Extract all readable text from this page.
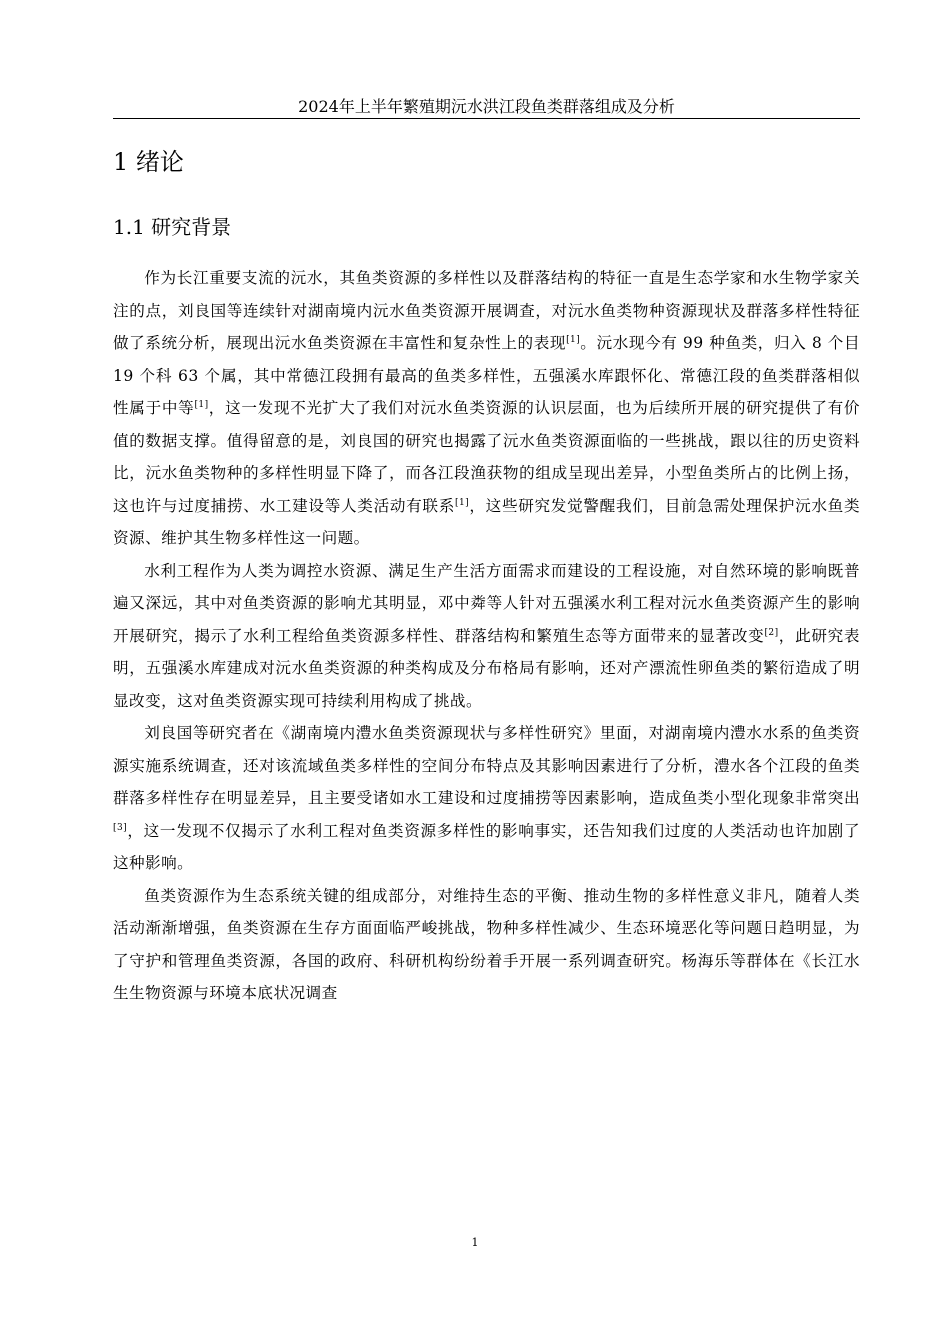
2024年上半年繁殖期沅水洪江段鱼类群落组成及分析
1 绪论
1.1 研究背景

作为长江重要支流的沅水，其鱼类资源的多样性以及群落结构的特征一直是生态学家和水生物学家关注的点，刘良国等连续针对湖南境内沅水鱼类资源开展调查，对沅水鱼类物种资源现状及群落多样性特征做了系统分析，展现出沅水鱼类资源在丰富性和复杂性上的表现[1]。沅水现今有 99 种鱼类，归入 8 个目 19 个科 63 个属，其中常德江段拥有最高的鱼类多样性，五强溪水库跟怀化、常德江段的鱼类群落相似性属于中等[1]，这一发现不光扩大了我们对沅水鱼类资源的认识层面，也为后续所开展的研究提供了有价值的数据支撑。值得留意的是，刘良国的研究也揭露了沅水鱼类资源面临的一些挑战，跟以往的历史资料比，沅水鱼类物种的多样性明显下降了，而各江段渔获物的组成呈现出差异，小型鱼类所占的比例上扬，这也许与过度捕捞、水工建设等人类活动有联系[1]，这些研究发觉警醒我们，目前急需处理保护沅水鱼类资源、维护其生物多样性这一问题。

水利工程作为人类为调控水资源、满足生产生活方面需求而建设的工程设施，对自然环境的影响既普遍又深远，其中对鱼类资源的影响尤其明显，邓中粦等人针对五强溪水利工程对沅水鱼类资源产生的影响开展研究，揭示了水利工程给鱼类资源多样性、群落结构和繁殖生态等方面带来的显著改变[2]，此研究表明，五强溪水库建成对沅水鱼类资源的种类构成及分布格局有影响，还对产漂流性卵鱼类的繁衍造成了明显改变，这对鱼类资源实现可持续利用构成了挑战。

刘良国等研究者在《湖南境内澧水鱼类资源现状与多样性研究》里面，对湖南境内澧水水系的鱼类资源实施系统调查，还对该流域鱼类多样性的空间分布特点及其影响因素进行了分析，澧水各个江段的鱼类群落多样性存在明显差异，且主要受诸如水工建设和过度捕捞等因素影响，造成鱼类小型化现象非常突出[3]，这一发现不仅揭示了水利工程对鱼类资源多样性的影响事实，还告知我们过度的人类活动也许加剧了这种影响。

鱼类资源作为生态系统关键的组成部分，对维持生态的平衡、推动生物的多样性意义非凡，随着人类活动渐渐增强，鱼类资源在生存方面面临严峻挑战，物种多样性减少、生态环境恶化等问题日趋明显，为了守护和管理鱼类资源，各国的政府、科研机构纷纷着手开展一系列调查研究。杨海乐等群体在《长江水生生物资源与环境本底状况调查

1
